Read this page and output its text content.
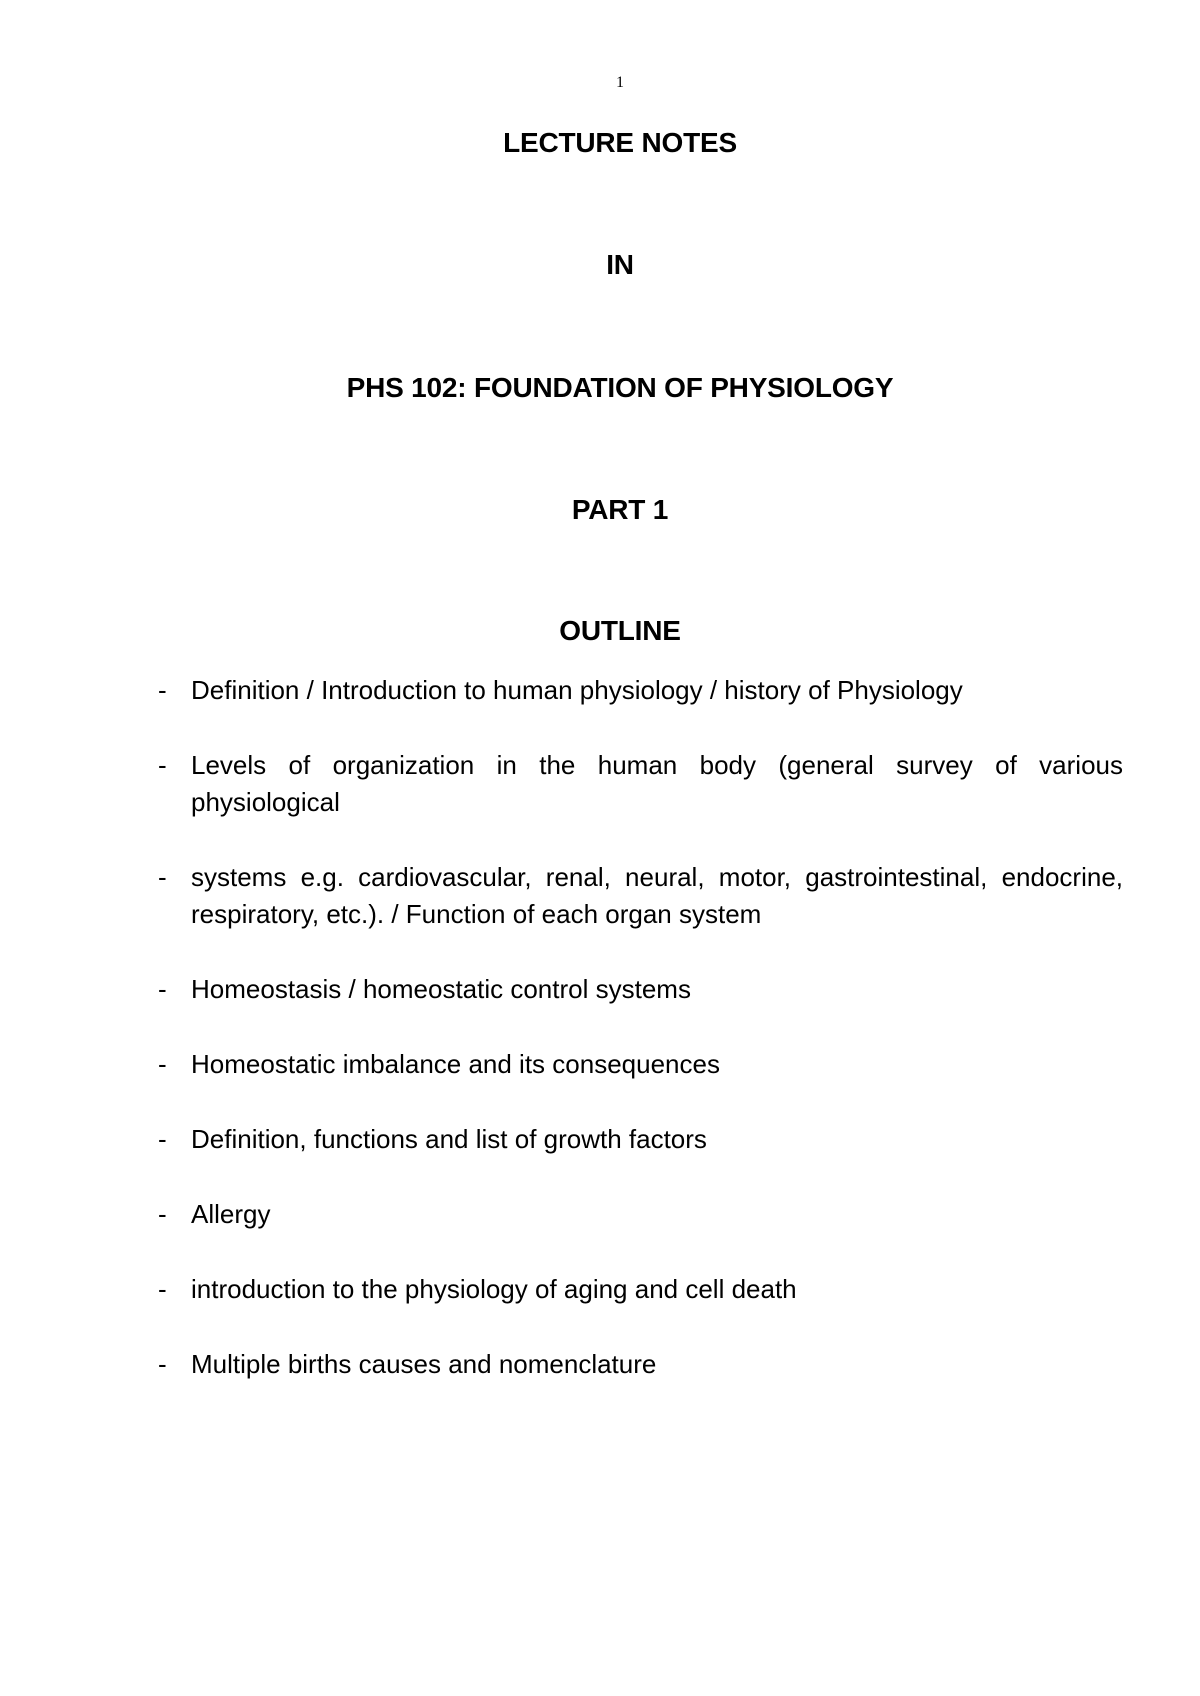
1
LECTURE NOTES
IN
PHS 102: FOUNDATION OF PHYSIOLOGY
PART 1
OUTLINE
- Definition / Introduction to human physiology / history of Physiology
- Levels of organization in the human body (general survey of various physiological
- systems e.g. cardiovascular, renal, neural, motor, gastrointestinal, endocrine, respiratory, etc.). / Function of each organ system
- Homeostasis / homeostatic control systems
- Homeostatic imbalance and its consequences
- Definition, functions and list of growth factors
- Allergy
- introduction to the physiology of aging and cell death
- Multiple births causes and nomenclature
